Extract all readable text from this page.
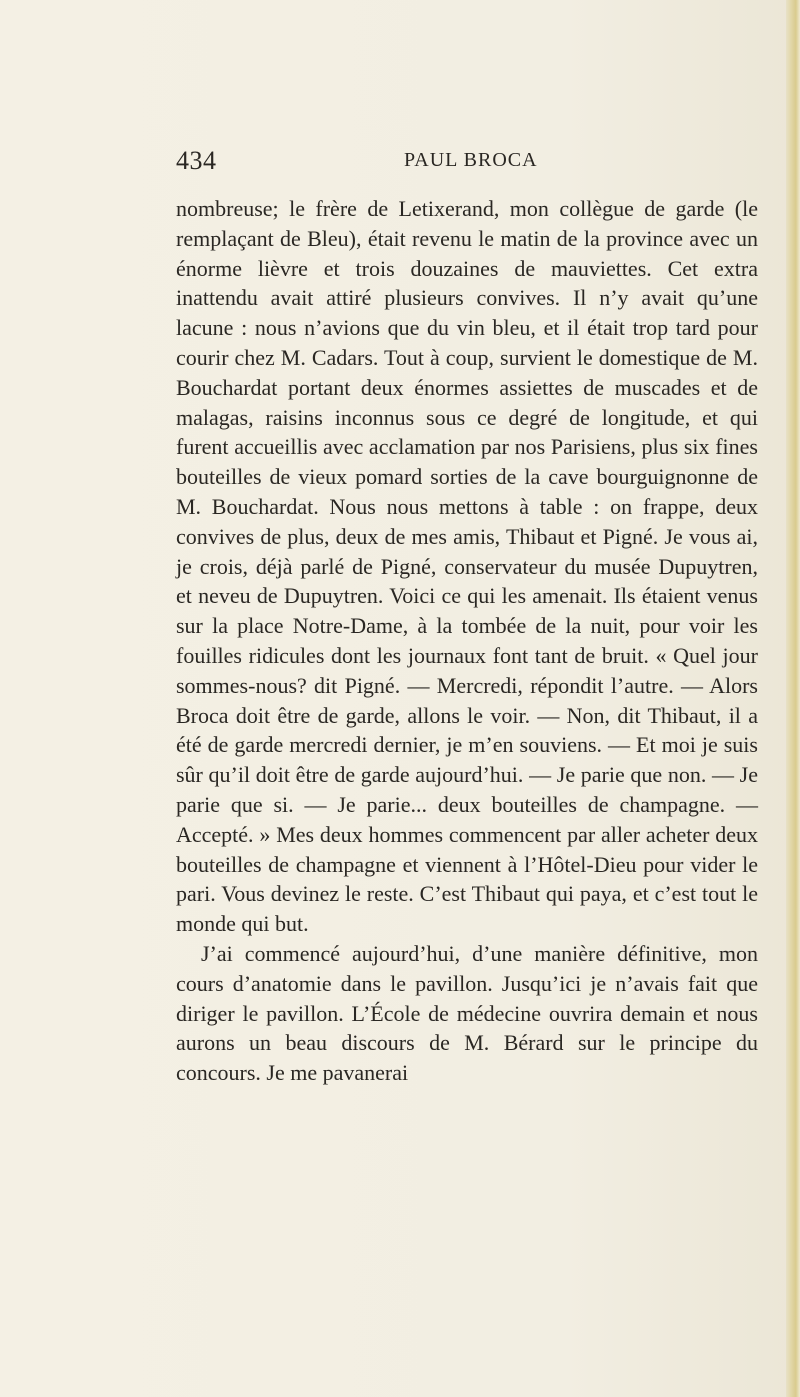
434	PAUL BROCA

nombreuse; le frère de Letixerand, mon collègue de garde (le remplaçant de Bleu), était revenu le matin de la province avec un énorme lièvre et trois douzaines de mauviettes. Cet extra inattendu avait attiré plusieurs convives. Il n’y avait qu’une lacune : nous n’avions que du vin bleu, et il était trop tard pour courir chez M. Cadars. Tout à coup, survient le domestique de M. Bouchardat portant deux énormes assiettes de muscades et de malagas, raisins inconnus sous ce degré de longitude, et qui furent accueillis avec acclamation par nos Parisiens, plus six fines bouteilles de vieux pomard sorties de la cave bourguignonne de M. Bouchardat. Nous nous mettons à table : on frappe, deux convives de plus, deux de mes amis, Thibaut et Pigné. Je vous ai, je crois, déjà parlé de Pigné, conservateur du musée Dupuytren, et neveu de Dupuytren. Voici ce qui les amenait. Ils étaient venus sur la place Notre-Dame, à la tombée de la nuit, pour voir les fouilles ridicules dont les journaux font tant de bruit. « Quel jour sommes-nous? dit Pigné. — Mercredi, répondit l’autre. — Alors Broca doit être de garde, allons le voir. — Non, dit Thibaut, il a été de garde mercredi dernier, je m’en souviens. — Et moi je suis sûr qu’il doit être de garde aujourd’hui. — Je parie que non. — Je parie que si. — Je parie... deux bouteilles de champagne. — Accepté. » Mes deux hommes commencent par aller acheter deux bouteilles de champagne et viennent à l’Hôtel-Dieu pour vider le pari. Vous devinez le reste. C’est Thibaut qui paya, et c’est tout le monde qui but.

J’ai commencé aujourd’hui, d’une manière définitive, mon cours d’anatomie dans le pavillon. Jusqu’ici je n’avais fait que diriger le pavillon. L’École de médecine ouvrira demain et nous aurons un beau discours de M. Bérard sur le principe du concours. Je me pavanerai
